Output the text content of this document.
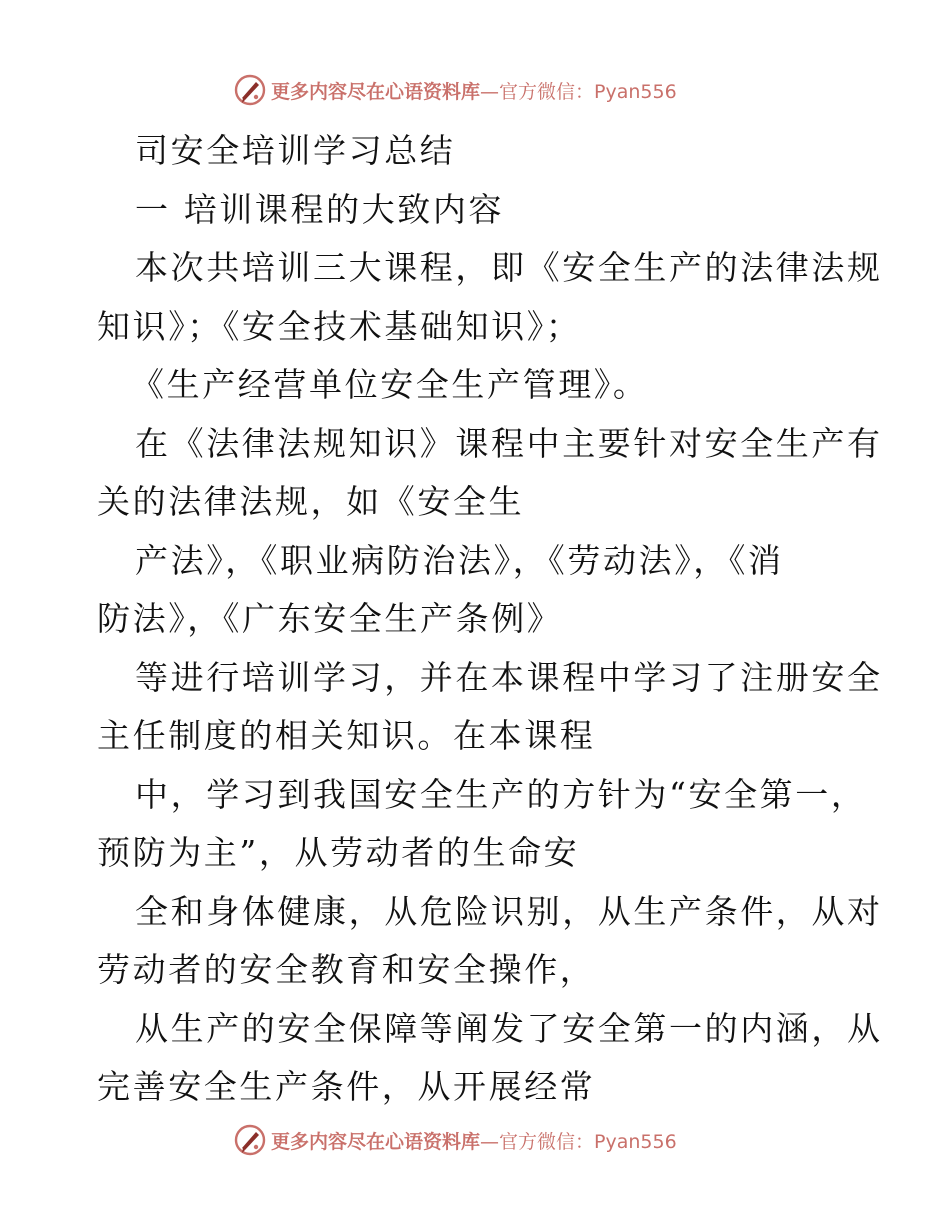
更多内容尽在心语资料库 —官方微信：Pyan556
司安全培训学习总结
一 培训课程的大致内容
本次共培训三大课程，即《安全生产的法律法规
知识》；《安全技术基础知识》；
《生产经营单位安全生产管理》。
在《法律法规知识》课程中主要针对安全生产有
关的法律法规，如《安全生
产法》，《职业病防治法》，《劳动法》，《消
防法》，《广东安全生产条例》
等进行培训学习，并在本课程中学习了注册安全
主任制度的相关知识。在本课程
中，学习到我国安全生产的方针为“安全第一，
预防为主”，从劳动者的生命安
全和身体健康，从危险识别，从生产条件，从对
劳动者的安全教育和安全操作，
从生产的安全保障等阐发了安全第一的内涵，从
完善安全生产条件，从开展经常
更多内容尽在心语资料库 —官方微信：Pyan556
